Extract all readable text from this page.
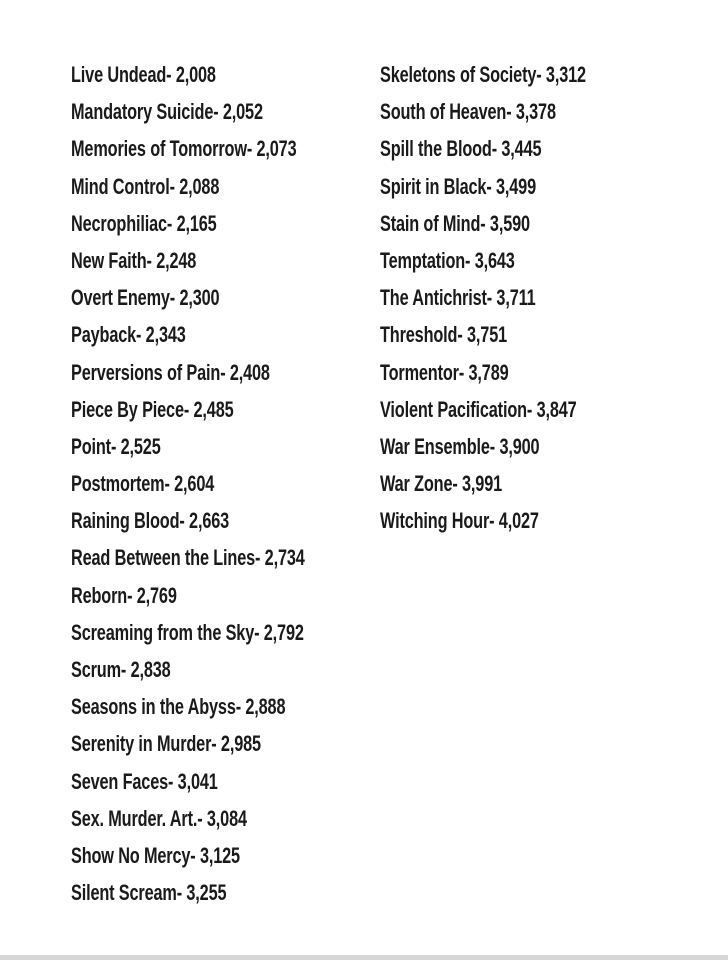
Live Undead- 2,008
Mandatory Suicide- 2,052
Memories of Tomorrow- 2,073
Mind Control- 2,088
Necrophiliac- 2,165
New Faith- 2,248
Overt Enemy- 2,300
Payback- 2,343
Perversions of Pain- 2,408
Piece By Piece- 2,485
Point- 2,525
Postmortem- 2,604
Raining Blood- 2,663
Read Between the Lines- 2,734
Reborn- 2,769
Screaming from the Sky- 2,792
Scrum- 2,838
Seasons in the Abyss- 2,888
Serenity in Murder- 2,985
Seven Faces- 3,041
Sex. Murder. Art.- 3,084
Show No Mercy- 3,125
Silent Scream- 3,255
Skeletons of Society- 3,312
South of Heaven- 3,378
Spill the Blood- 3,445
Spirit in Black- 3,499
Stain of Mind- 3,590
Temptation- 3,643
The Antichrist- 3,711
Threshold- 3,751
Tormentor- 3,789
Violent Pacification- 3,847
War Ensemble- 3,900
War Zone- 3,991
Witching Hour- 4,027
